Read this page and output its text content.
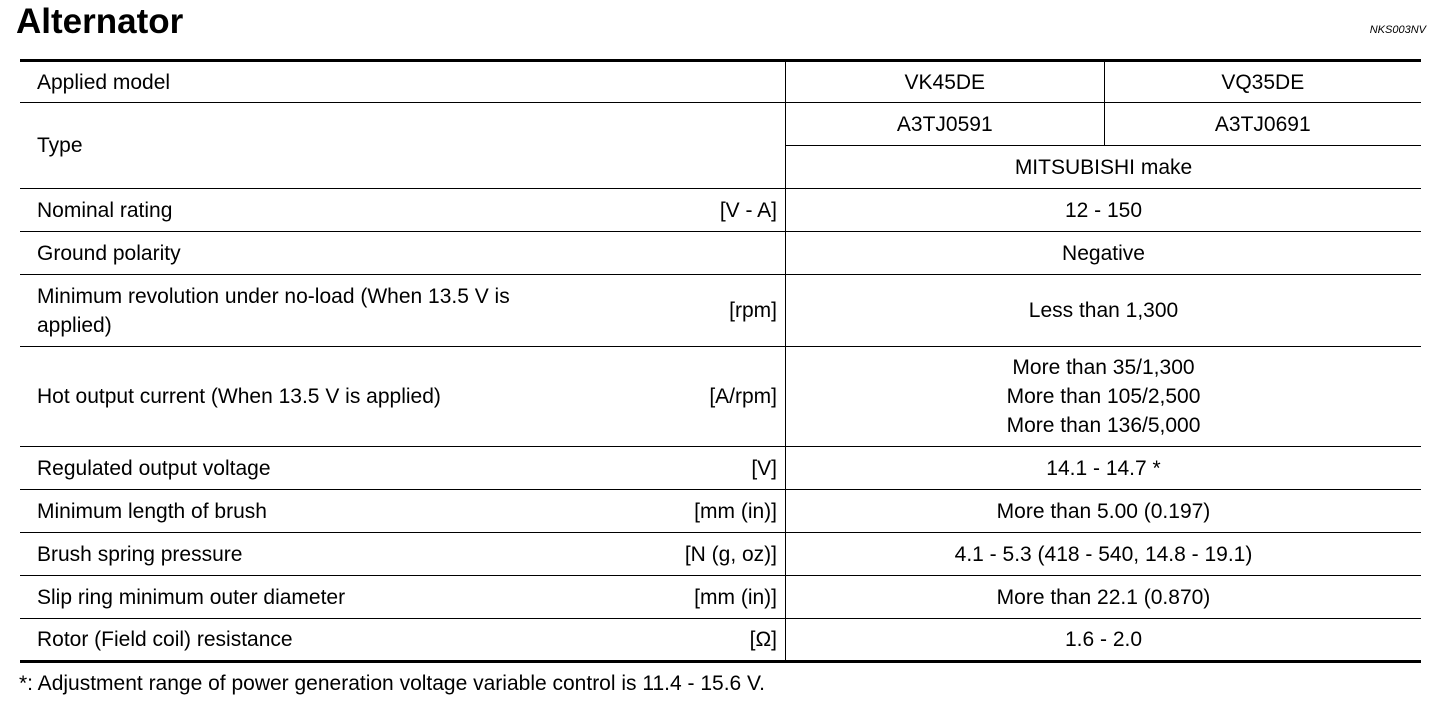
Alternator	NKS003NV
Applied model		VK45DE	VQ35DE
Type		A3TJ0591	A3TJ0691
		MITSUBISHI make	
Nominal rating	[V - A]	12 - 150	
Ground polarity		Negative	

Minimum revolution under no-load (When 13.5 V is applied)	[rpm]	Less than 1,300	
Hot output current (When 13.5 V is applied)	[A/rpm]	More than 35/1,300
More than 105/2,500
More than 136/5,000	

Regulated output voltage	[V]	14.1 - 14.7 *	
Minimum length of brush	[mm (in)]	More than 5.00 (0.197)	
Brush spring pressure	[N (g, oz)]	4.1 - 5.3 (418 - 540, 14.8 - 19.1)	
Slip ring minimum outer diameter	[mm (in)]	More than 22.1 (0.870)	
Rotor (Field coil) resistance	[Ω]	1.6 - 2.0	
*: Adjustment range of power generation voltage variable control is 11.4 - 15.6 V.
